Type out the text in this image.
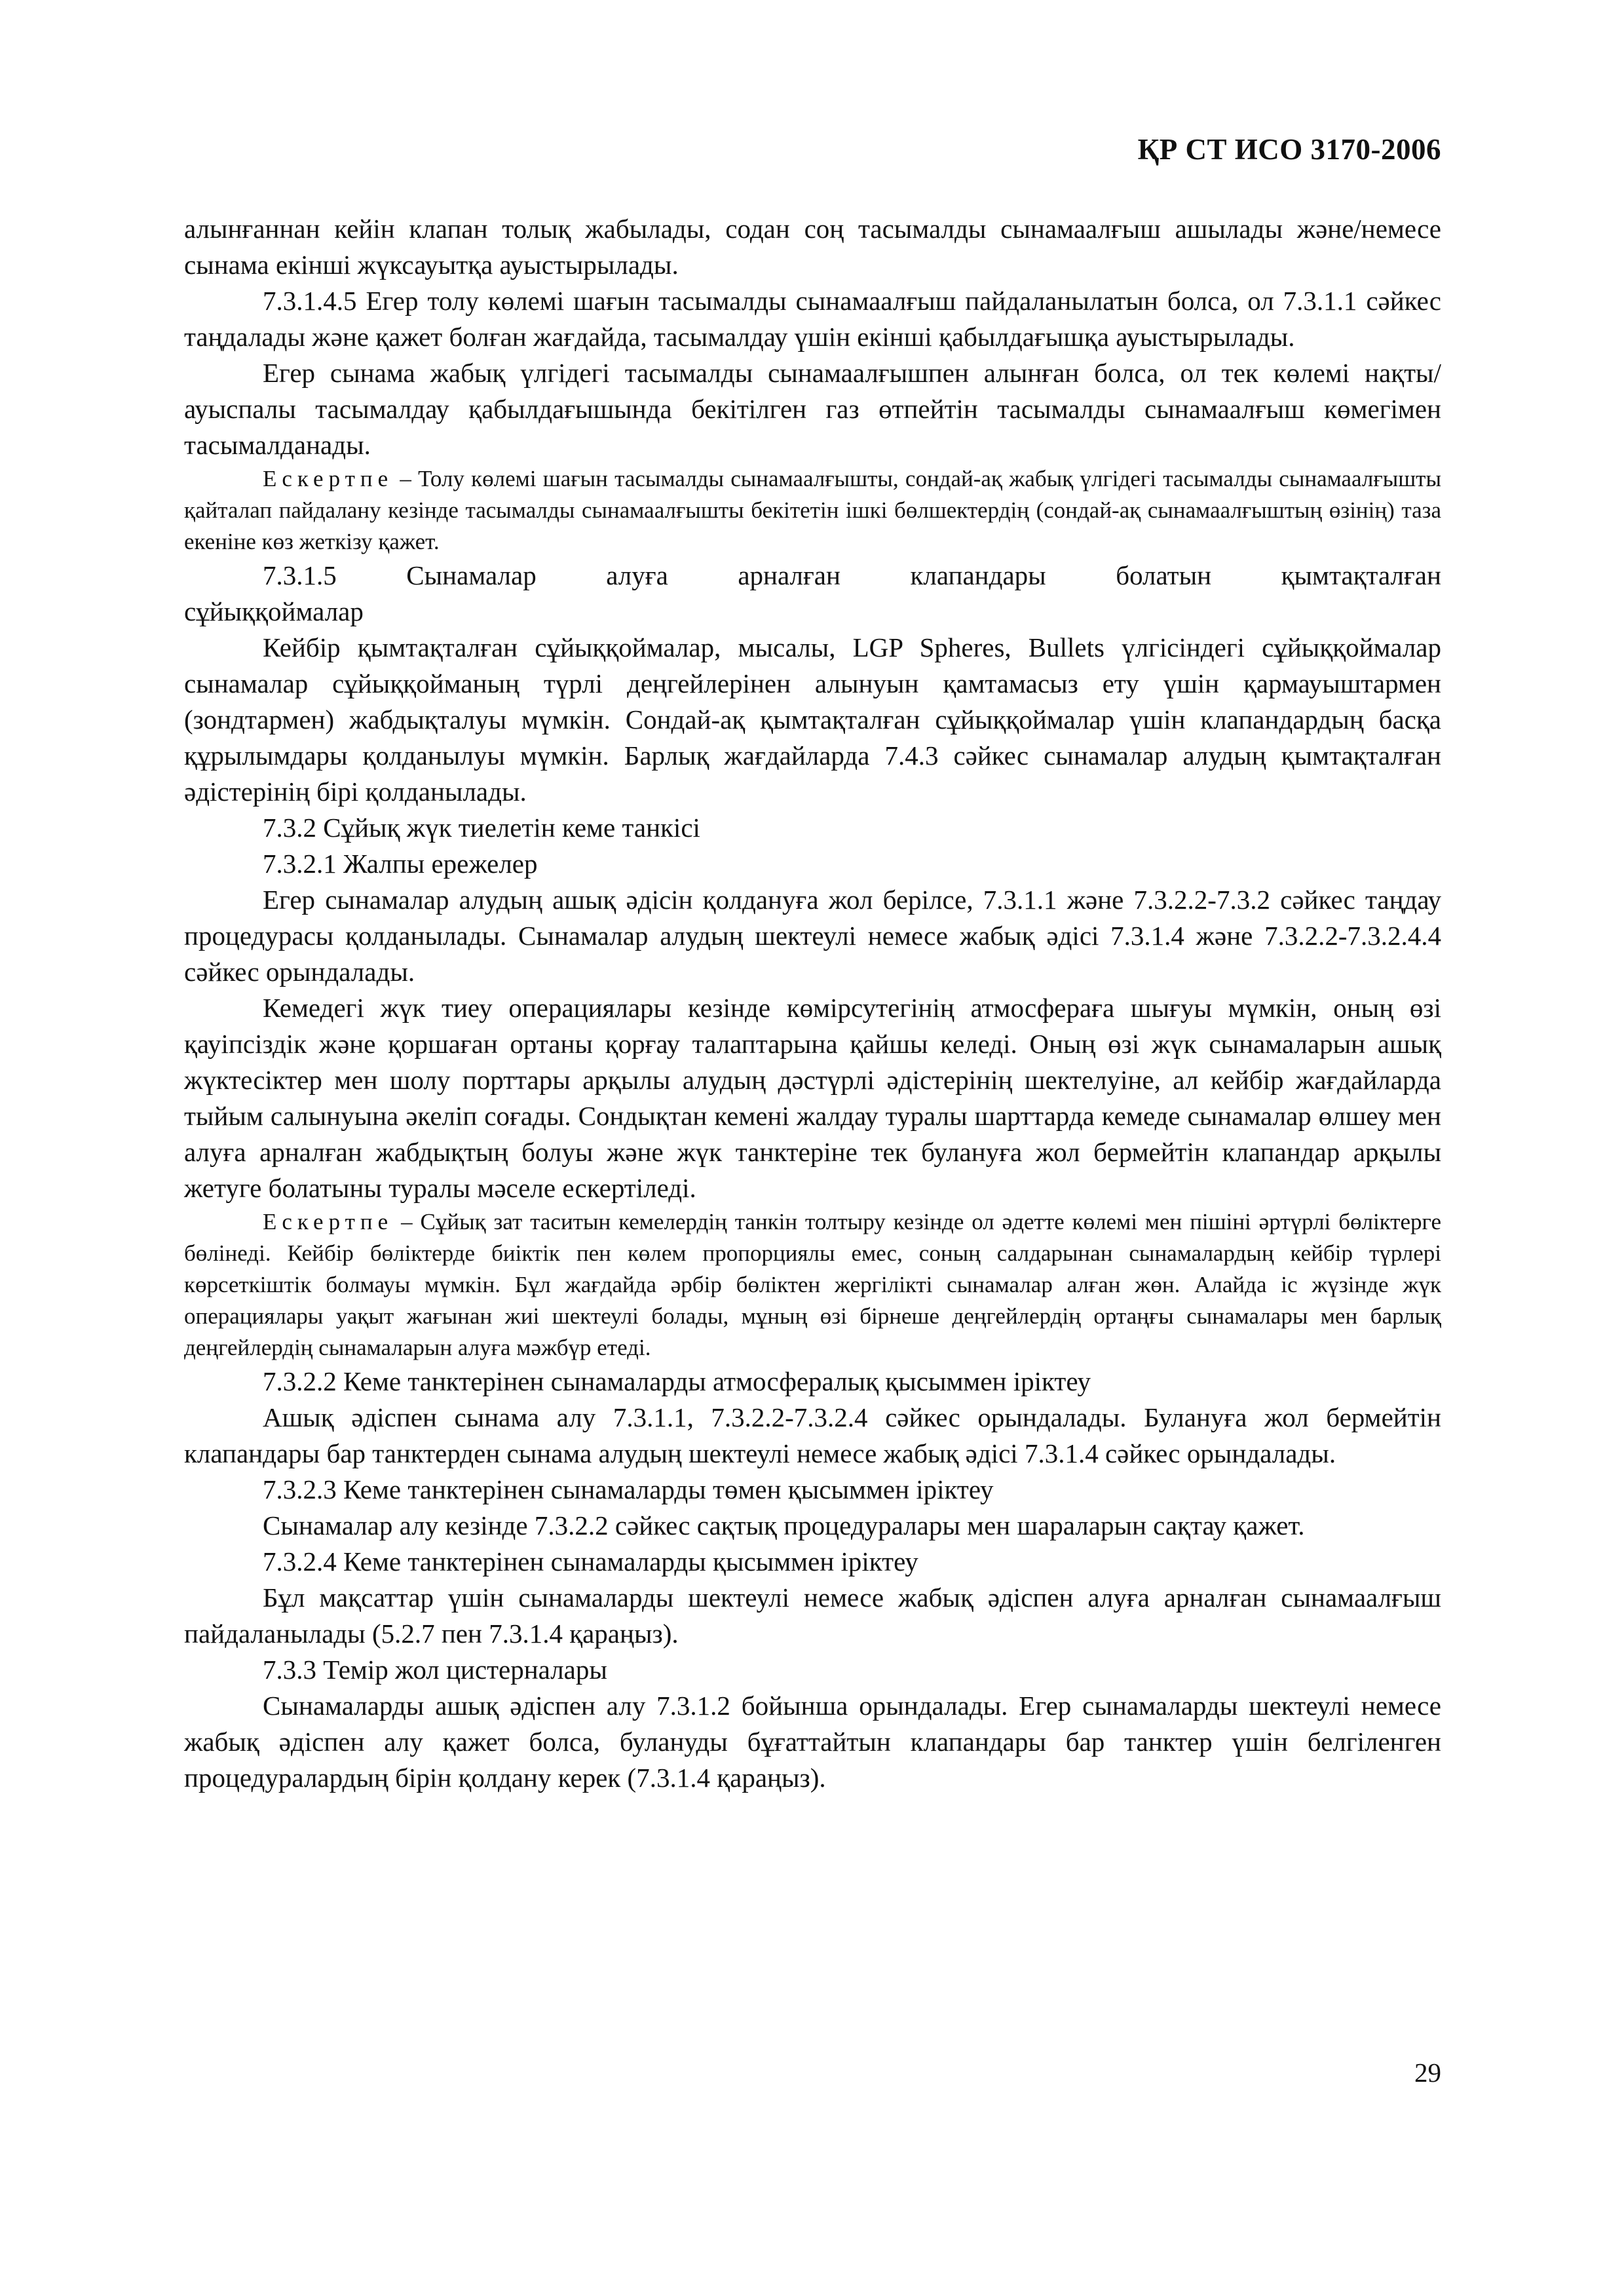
ҚР СТ ИСО 3170-2006

алынғаннан кейін клапан толық жабылады, содан соң тасымалды сынамаалғыш ашылады және/немесе сынама екінші жүксауытқа ауыстырылады.

7.3.1.4.5 Егер толу көлемі шағын тасымалды сынамаалғыш пайдаланылатын болса, ол 7.3.1.1 сәйкес таңдалады және қажет болған жағдайда, тасымалдау үшін екінші қабылдағышқа ауыстырылады.

Егер сынама жабық үлгідегі тасымалды сынамаалғышпен алынған болса, ол тек көлемі нақты/ауыспалы тасымалдау қабылдағышында бекітілген газ өтпейтін тасымалды сынамаалғыш көмегімен тасымалданады.

Ескертпе – Толу көлемі шағын тасымалды сынамаалғышты, сондай-ақ жабық үлгідегі тасымалды сынамаалғышты қайталап пайдалану кезінде тасымалды сынамаалғышты бекітетін ішкі бөлшектердің (сондай-ақ сынамаалғыштың өзінің) таза екеніне көз жеткізу қажет.

7.3.1.5	Сынамалар	алуға	арналған	клапандары	болатын	қымтақталған

сұйыққоймалар

Кейбір қымтақталған сұйыққоймалар, мысалы, LGP Spheres, Bullets үлгісіндегі сұйыққоймалар сынамалар сұйыққойманың түрлі деңгейлерінен алынуын қамтамасыз ету үшін қармауыштармен (зондтармен) жабдықталуы мүмкін. Сондай-ақ қымтақталған сұйыққоймалар үшін клапандардың басқа құрылымдары қолданылуы мүмкін. Барлық жағдайларда 7.4.3 сәйкес сынамалар алудың қымтақталған әдістерінің бірі қолданылады.

7.3.2 Сұйық жүк тиелетін кеме танкісі

7.3.2.1 Жалпы ережелер

Егер сынамалар алудың ашық әдісін қолдануға жол берілсе, 7.3.1.1 және 7.3.2.2-7.3.2 сәйкес таңдау процедурасы қолданылады. Сынамалар алудың шектеулі немесе жабық әдісі 7.3.1.4 және 7.3.2.2-7.3.2.4.4 сәйкес орындалады.

Кемедегі жүк тиеу операциялары кезінде көмірсутегінің атмосфераға шығуы мүмкін, оның өзі қауіпсіздік және қоршаған ортаны қорғау талаптарына қайшы келеді. Оның өзі жүк сынамаларын ашық жүктесіктер мен шолу порттары арқылы алудың дәстүрлі әдістерінің шектелуіне, ал кейбір жағдайларда тыйым салынуына әкеліп соғады. Сондықтан кемені жалдау туралы шарттарда кемеде сынамалар өлшеу мен алуға арналған жабдықтың болуы және жүк танктеріне тек булануға жол бермейтін клапандар арқылы жетуге болатыны туралы мәселе ескертіледі.

Ескертпе – Сұйық зат таситын кемелердің танкін толтыру кезінде ол әдетте көлемі мен пішіні әртүрлі бөліктерге бөлінеді. Кейбір бөліктерде биіктік пен көлем пропорциялы емес, соның салдарынан сынамалардың кейбір түрлері көрсеткіштік болмауы мүмкін. Бұл жағдайда әрбір бөліктен жергілікті сынамалар алған жөн. Алайда іс жүзінде жүк операциялары уақыт жағынан жиі шектеулі болады, мұның өзі бірнеше деңгейлердің ортаңғы сынамалары мен барлық деңгейлердің сынамаларын алуға мәжбүр етеді.

7.3.2.2 Кеме танктерінен сынамаларды атмосфералық қысыммен іріктеу

Ашық әдіспен сынама алу 7.3.1.1, 7.3.2.2-7.3.2.4 сәйкес орындалады. Булануға жол бермейтін клапандары бар танктерден сынама алудың шектеулі немесе жабық әдісі 7.3.1.4 сәйкес орындалады.

7.3.2.3 Кеме танктерінен сынамаларды төмен қысыммен іріктеу

Сынамалар алу кезінде 7.3.2.2 сәйкес сақтық процедуралары мен шараларын сақтау қажет.

7.3.2.4 Кеме танктерінен сынамаларды қысыммен іріктеу

Бұл мақсаттар үшін сынамаларды шектеулі немесе жабық әдіспен алуға арналған сынамаалғыш пайдаланылады (5.2.7 пен 7.3.1.4 қараңыз).

7.3.3 Темір жол цистерналары

Сынамаларды ашық әдіспен алу 7.3.1.2 бойынша орындалады. Егер сынамаларды шектеулі немесе жабық әдіспен алу қажет болса, булануды бұғаттайтын клапандары бар танктер үшін белгіленген процедуралардың бірін қолдану керек (7.3.1.4 қараңыз).

29
